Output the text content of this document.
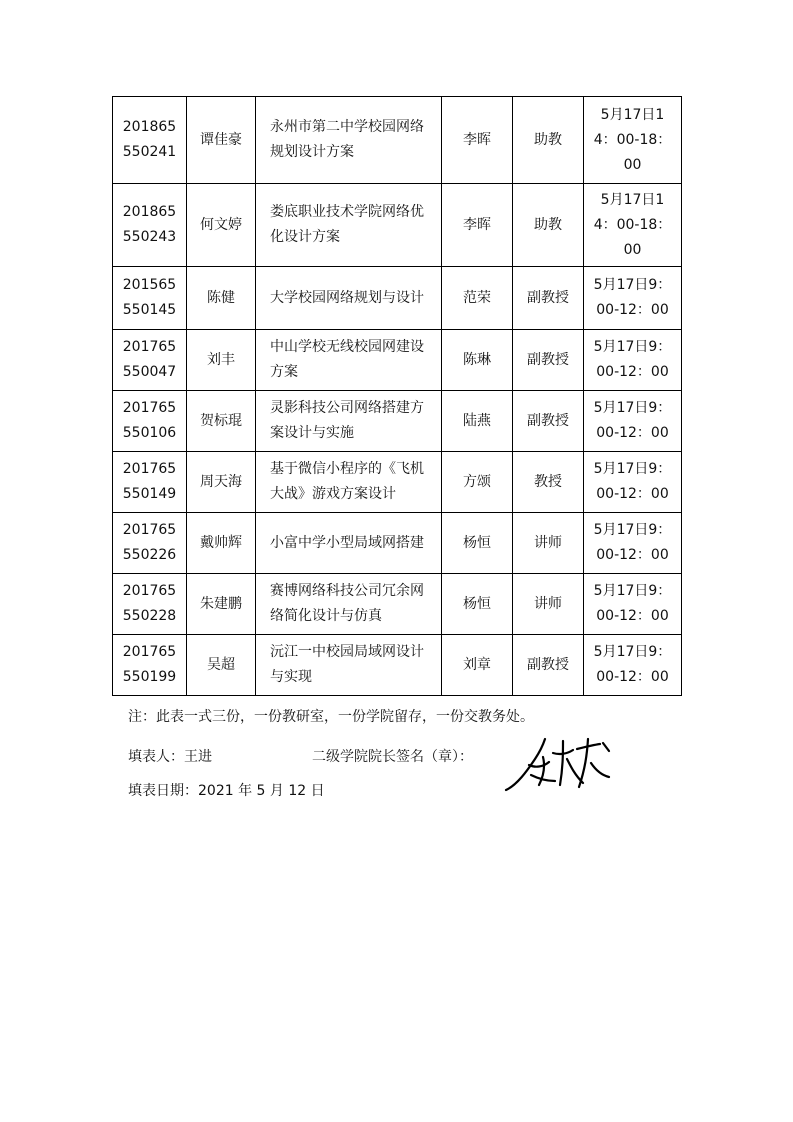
201865550241	谭佳豪	永州市第二中学校园网络规划设计方案	李晖	助教	5月17日14：00-18：00
201865550243	何文婷	娄底职业技术学院网络优化设计方案	李晖	助教	5月17日14：00-18：00
201565550145	陈健	大学校园网络规划与设计	范荣	副教授	5月17日9：00-12：00
201765550047	刘丰	中山学校无线校园网建设方案	陈琳	副教授	5月17日9：00-12：00
201765550106	贺标琨	灵影科技公司网络搭建方案设计与实施	陆燕	副教授	5月17日9：00-12：00
201765550149	周天海	基于微信小程序的《飞机大战》游戏方案设计	方颂	教授	5月17日9：00-12：00
201765550226	戴帅辉	小富中学小型局域网搭建	杨恒	讲师	5月17日9：00-12：00
201765550228	朱建鹏	赛博网络科技公司冗余网络简化设计与仿真	杨恒	讲师	5月17日9：00-12：00
201765550199	吴超	沅江一中校园局域网设计与实现	刘章	副教授	5月17日9：00-12：00
注：此表一式三份，一份教研室，一份学院留存，一份交教务处。
填表人：王进	二级学院院长签名（章）：
填表日期：2021 年 5 月 12 日
